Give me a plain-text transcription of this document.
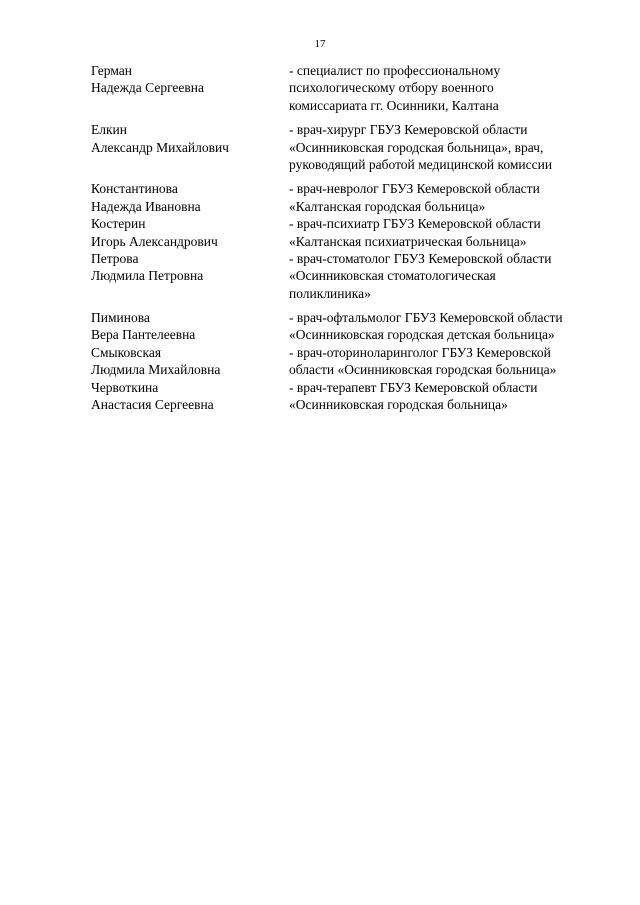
17
Герман
Надежда Сергеевна
- специалист по профессиональному
психологическому отбору военного
комиссариата гг. Осинники, Калтана
Елкин
Александр Михайлович
- врач-хирург ГБУЗ Кемеровской области
«Осинниковская городская больница», врач,
руководящий работой медицинской комиссии
Константинова
Надежда Ивановна
- врач-невролог ГБУЗ Кемеровской области
«Калтанская городская больница»
Костерин
Игорь Александрович
- врач-психиатр ГБУЗ Кемеровской области
«Калтанская психиатрическая больница»
Петрова
Людмила Петровна
- врач-стоматолог ГБУЗ Кемеровской области
«Осинниковская стоматологическая
поликлиника»
Пиминова
Вера Пантелеевна
- врач-офтальмолог ГБУЗ Кемеровской области
«Осинниковская городская детская больница»
Смыковская
Людмила Михайловна
- врач-оториноларинголог ГБУЗ Кемеровской
области «Осинниковская городская больница»
Червоткина
Анастасия Сергеевна
- врач-терапевт ГБУЗ Кемеровской области
«Осинниковская городская больница»
